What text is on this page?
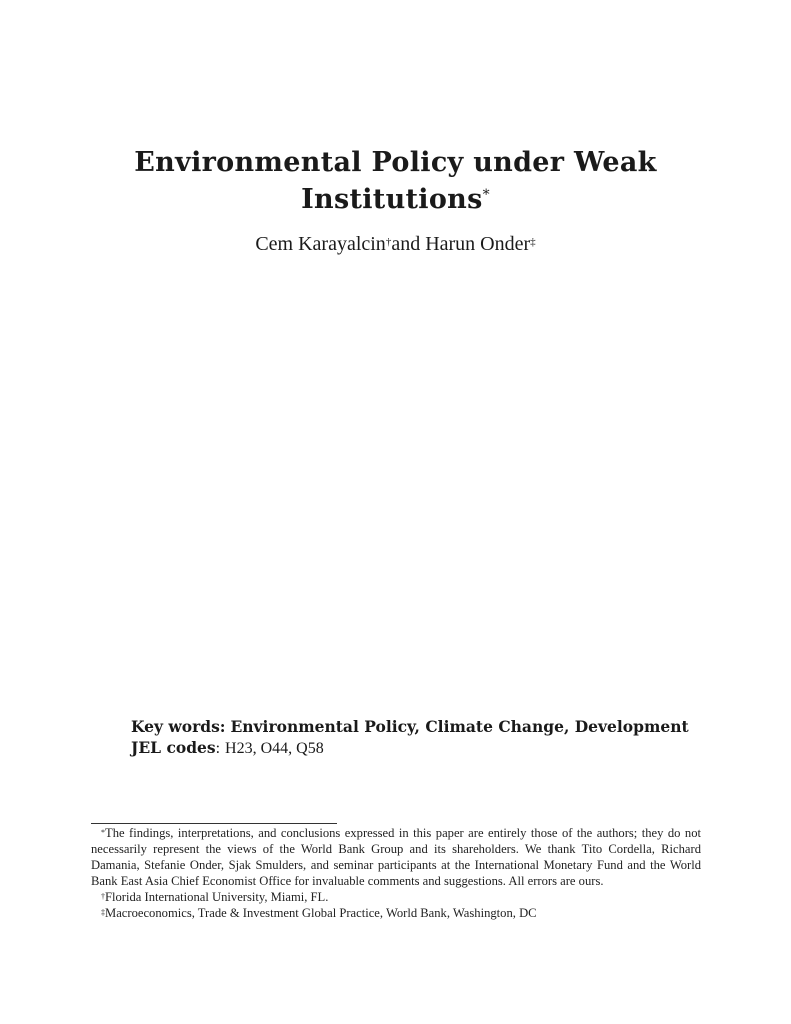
Environmental Policy under Weak
Institutions*

Cem Karayalcin†and Harun Onder‡

Key words: Environmental Policy, Climate Change, Development

JEL codes: H23, O44, Q58

*The findings, interpretations, and conclusions expressed in this paper are entirely those of the authors; they do not necessarily represent the views of the World Bank Group and its shareholders. We thank Tito Cordella, Richard Damania, Stefanie Onder, Sjak Smulders, and seminar participants at the International Monetary Fund and the World Bank East Asia Chief Economist Office for invaluable comments and suggestions. All errors are ours.

†Florida International University, Miami, FL.

‡Macroeconomics, Trade & Investment Global Practice, World Bank, Washington, DC
